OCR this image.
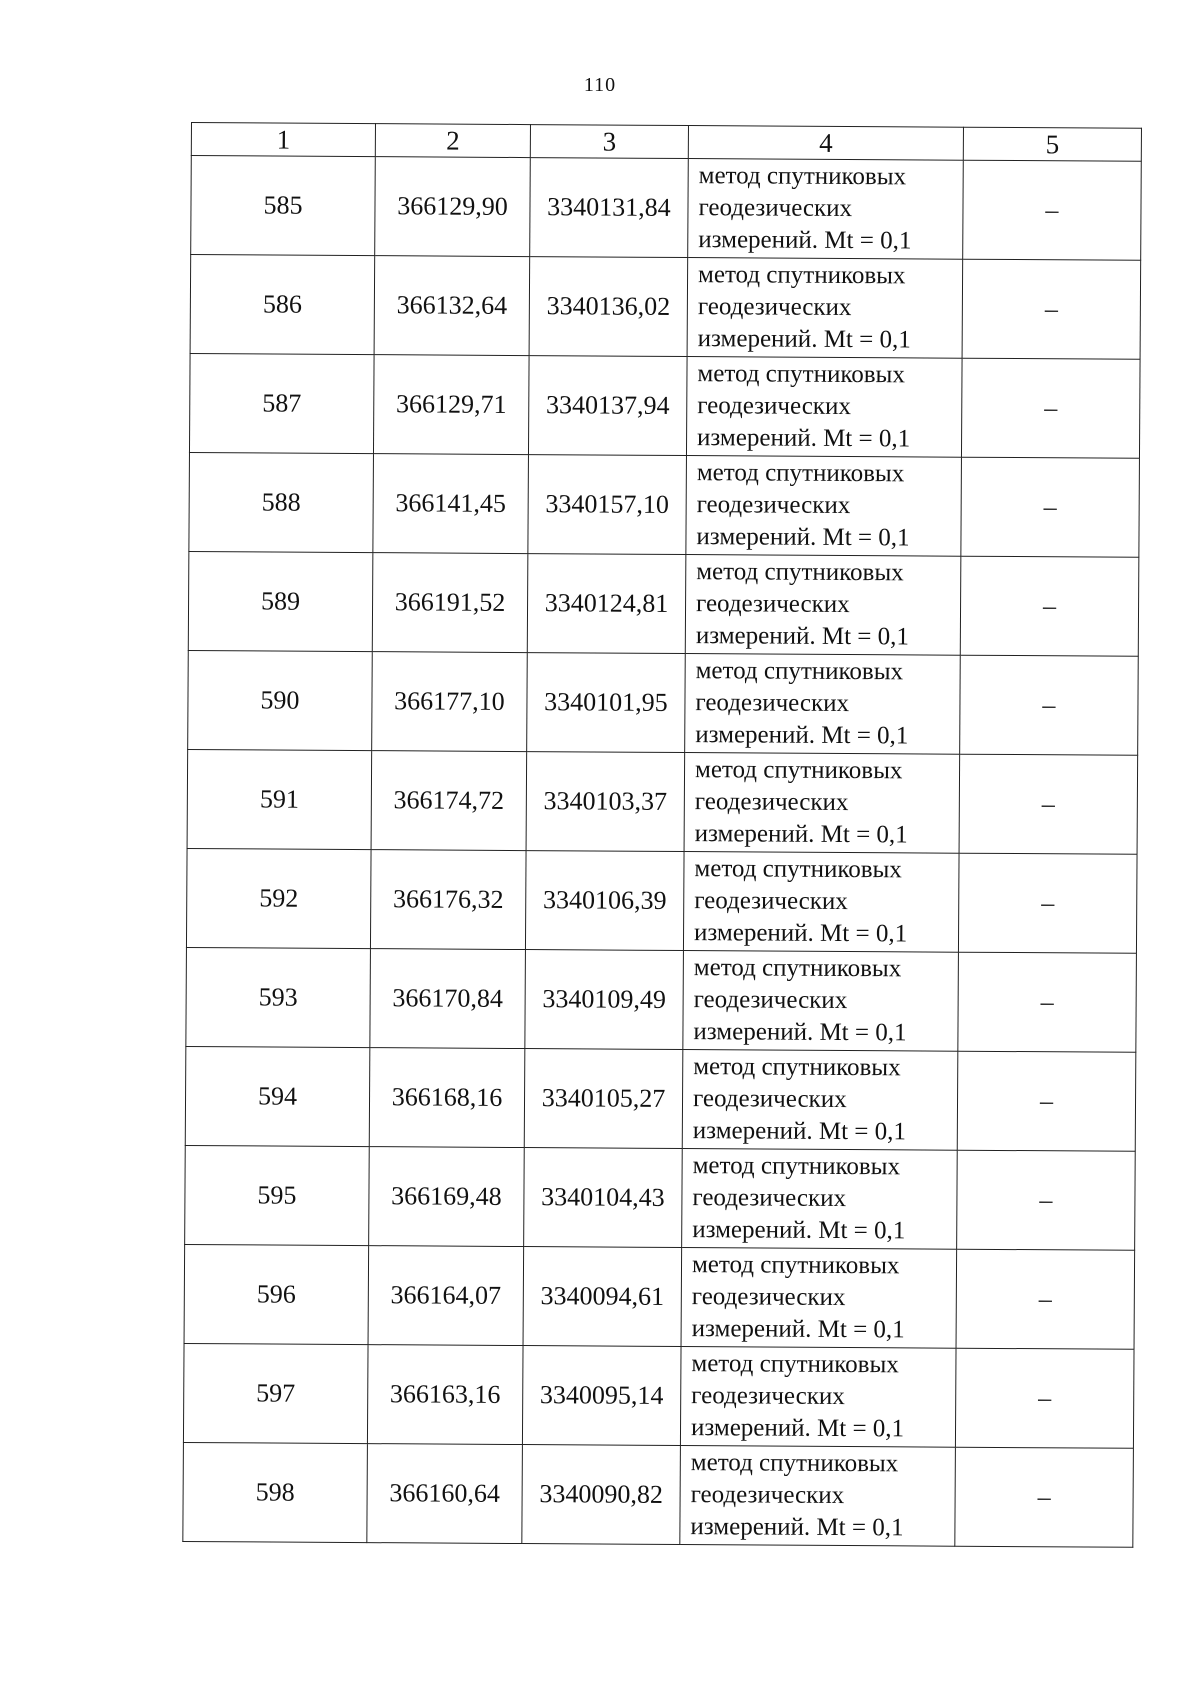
110
1	2	3	4	5
585	366129,90	3340131,84	метод спутниковых
геодезических
измерений. Mt = 0,1	–
586	366132,64	3340136,02	метод спутниковых
геодезических
измерений. Mt = 0,1	–
587	366129,71	3340137,94	метод спутниковых
геодезических
измерений. Mt = 0,1	–
588	366141,45	3340157,10	метод спутниковых
геодезических
измерений. Mt = 0,1	–
589	366191,52	3340124,81	метод спутниковых
геодезических
измерений. Mt = 0,1	–
590	366177,10	3340101,95	метод спутниковых
геодезических
измерений. Mt = 0,1	–
591	366174,72	3340103,37	метод спутниковых
геодезических
измерений. Mt = 0,1	–
592	366176,32	3340106,39	метод спутниковых
геодезических
измерений. Mt = 0,1	–
593	366170,84	3340109,49	метод спутниковых
геодезических
измерений. Mt = 0,1	–
594	366168,16	3340105,27	метод спутниковых
геодезических
измерений. Mt = 0,1	–
595	366169,48	3340104,43	метод спутниковых
геодезических
измерений. Mt = 0,1	–
596	366164,07	3340094,61	метод спутниковых
геодезических
измерений. Mt = 0,1	–
597	366163,16	3340095,14	метод спутниковых
геодезических
измерений. Mt = 0,1	–
598	366160,64	3340090,82	метод спутниковых
геодезических
измерений. Mt = 0,1	–
